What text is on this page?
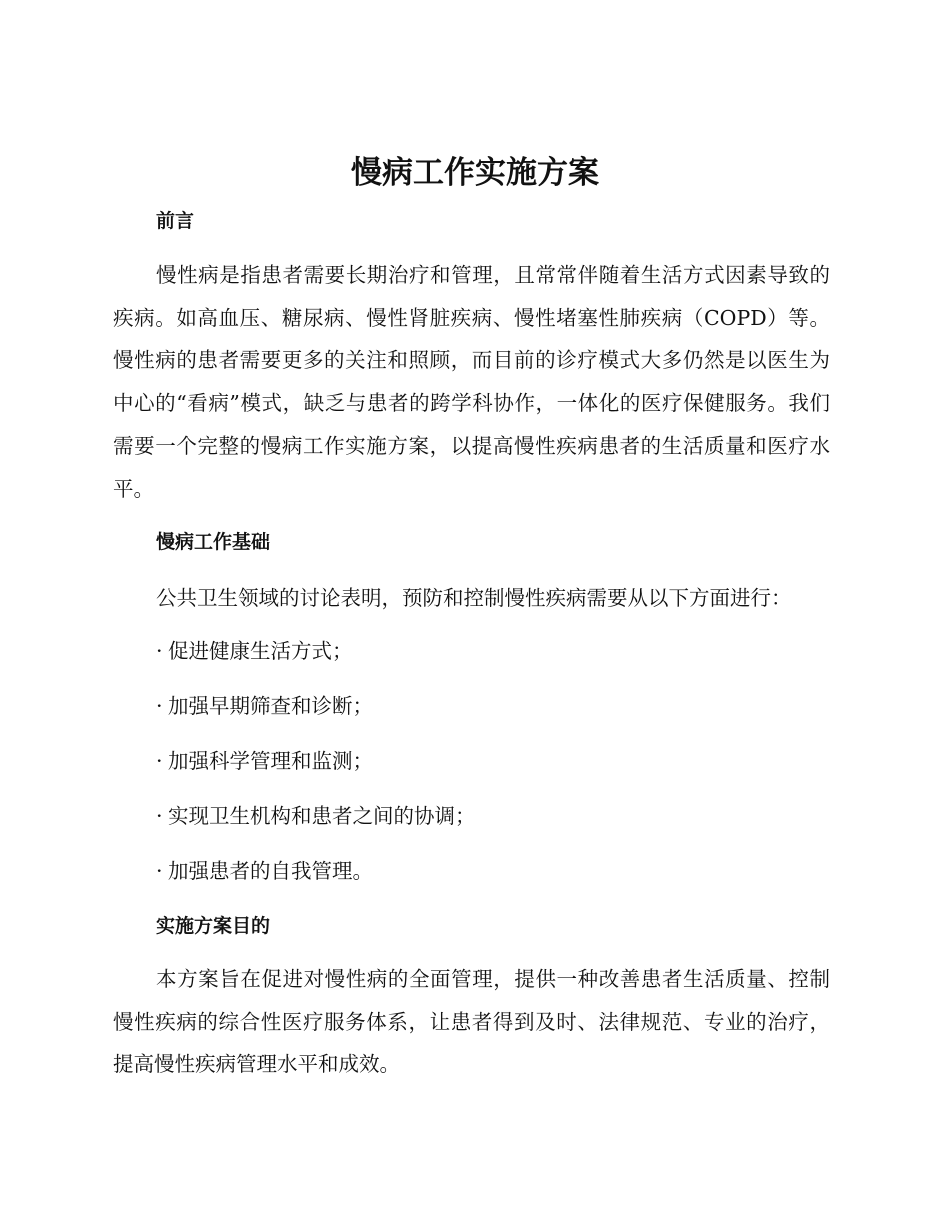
慢病工作实施方案
前言

慢性病是指患者需要长期治疗和管理，且常常伴随着生活方式因素导致的疾病。如高血压、糖尿病、慢性肾脏疾病、慢性堵塞性肺疾病（COPD）等。慢性病的患者需要更多的关注和照顾，而目前的诊疗模式大多仍然是以医生为中心的“看病”模式，缺乏与患者的跨学科协作，一体化的医疗保健服务。我们需要一个完整的慢病工作实施方案，以提高慢性疾病患者的生活质量和医疗水平。

慢病工作基础

公共卫生领域的讨论表明，预防和控制慢性疾病需要从以下方面进行：

· 促进健康生活方式；
· 加强早期筛查和诊断；
· 加强科学管理和监测；
· 实现卫生机构和患者之间的协调；
· 加强患者的自我管理。
实施方案目的

本方案旨在促进对慢性病的全面管理，提供一种改善患者生活质量、控制慢性疾病的综合性医疗服务体系，让患者得到及时、法律规范、专业的治疗，提高慢性疾病管理水平和成效。
